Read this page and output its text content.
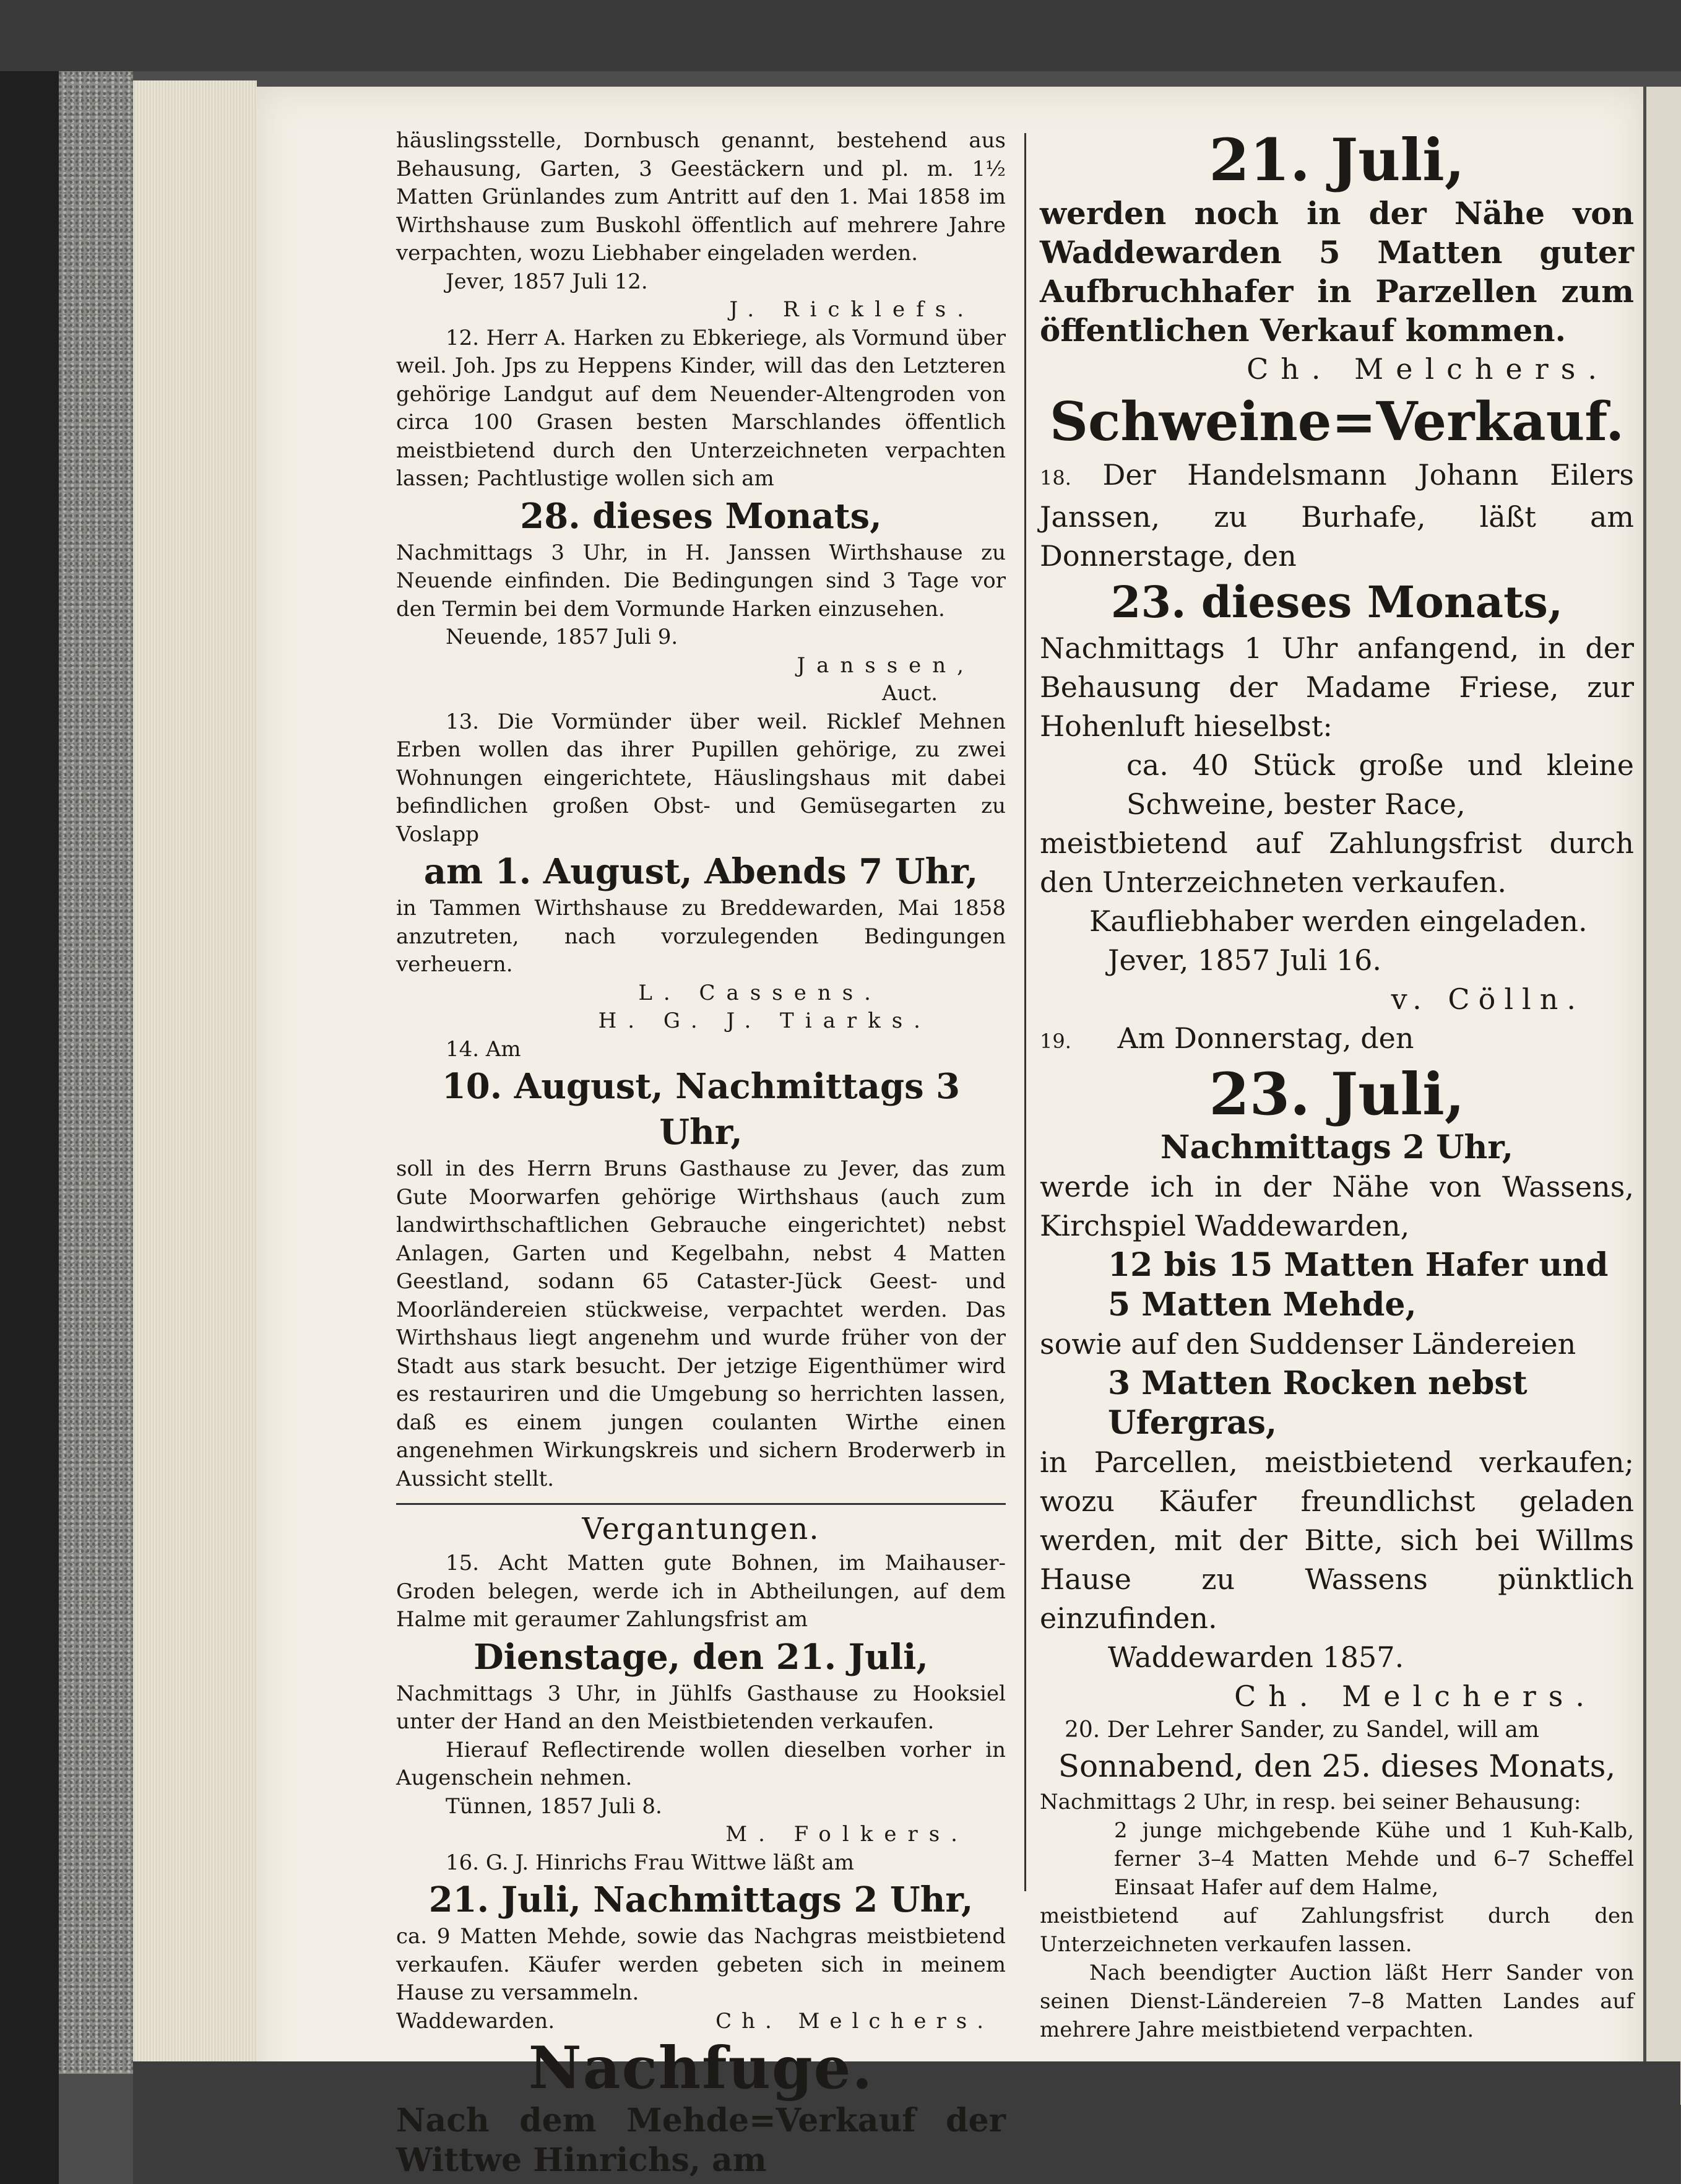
häuslingsstelle, Dornbusch genannt, bestehend aus Behausung, Garten, 3 Geestäckern und pl. m. 1½ Matten Grünlandes zum Antritt auf den 1. Mai 1858 im Wirthshause zum Buskohl öffentlich auf mehrere Jahre verpachten, wozu Liebhaber eingeladen werden.

Jever, 1857 Juli 12.

J. Ricklefs.

12. Herr A. Harken zu Ebkeriege, als Vormund über weil. Joh. Jps zu Heppens Kinder, will das den Letzteren gehörige Landgut auf dem Neuender-Altengroden von circa 100 Grasen besten Marschlandes öffentlich meistbietend durch den Unterzeichneten verpachten lassen; Pachtlustige wollen sich am

28. dieses Monats,

Nachmittags 3 Uhr, in H. Janssen Wirthshause zu Neuende einfinden. Die Bedingungen sind 3 Tage vor den Termin bei dem Vormunde Harken einzusehen.

Neuende, 1857 Juli 9.

Janssen,

Auct.

13. Die Vormünder über weil. Ricklef Mehnen Erben wollen das ihrer Pupillen gehörige, zu zwei Wohnungen eingerichtete, Häuslingshaus mit dabei befindlichen großen Obst- und Gemüsegarten zu Voslapp

am 1. August, Abends 7 Uhr,

in Tammen Wirthshause zu Breddewarden, Mai 1858 anzutreten, nach vorzulegenden Bedingungen verheuern.

L. Cassens.

H. G. J. Tiarks.

14. Am

10. August, Nachmittags 3 Uhr,

soll in des Herrn Bruns Gasthause zu Jever, das zum Gute Moorwarfen gehörige Wirthshaus (auch zum landwirthschaftlichen Gebrauche eingerichtet) nebst Anlagen, Garten und Kegelbahn, nebst 4 Matten Geestland, sodann 65 Cataster-Jück Geest- und Moorländereien stückweise, verpachtet werden. Das Wirthshaus liegt angenehm und wurde früher von der Stadt aus stark besucht. Der jetzige Eigenthümer wird es restauriren und die Umgebung so herrichten lassen, daß es einem jungen coulanten Wirthe einen angenehmen Wirkungskreis und sichern Broderwerb in Aussicht stellt.

Vergantungen.

15. Acht Matten gute Bohnen, im Maihauser-Groden belegen, werde ich in Abtheilungen, auf dem Halme mit geraumer Zahlungsfrist am

Dienstage, den 21. Juli,

Nachmittags 3 Uhr, in Jühlfs Gasthause zu Hooksiel unter der Hand an den Meistbietenden verkaufen.

Hierauf Reflectirende wollen dieselben vorher in Augenschein nehmen.

Tünnen, 1857 Juli 8.

M. Folkers.

16. G. J. Hinrichs Frau Wittwe läßt am

21. Juli, Nachmittags 2 Uhr,

ca. 9 Matten Mehde, sowie das Nachgras meistbietend verkaufen. Käufer werden gebeten sich in meinem Hause zu versammeln.

Waddewarden.	Ch. Melchers.

Nachfuge.

Nach dem Mehde=Verkauf der Wittwe Hinrichs, am

21. Juli,

werden noch in der Nähe von Waddewarden 5 Matten guter Aufbruchhafer in Parzellen zum öffentlichen Verkauf kommen.

Ch. Melchers.

Schweine=Verkauf.

18. Der Handelsmann Johann Eilers Janssen, zu Burhafe, läßt am Donnerstage, den

23. dieses Monats,

Nachmittags 1 Uhr anfangend, in der Behausung der Madame Friese, zur Hohenluft hieselbst:

ca. 40 Stück große und kleine Schweine, bester Race,

meistbietend auf Zahlungsfrist durch den Unterzeichneten verkaufen.

Kaufliebhaber werden eingeladen.

Jever, 1857 Juli 16.

v. Cölln.

19. Am Donnerstag, den

23. Juli,

Nachmittags 2 Uhr,

werde ich in der Nähe von Wassens, Kirchspiel Waddewarden,

12 bis 15 Matten Hafer und

5 Matten Mehde,

sowie auf den Suddenser Ländereien

3 Matten Rocken nebst Ufergras,

in Parcellen, meistbietend verkaufen; wozu Käufer freundlichst geladen werden, mit der Bitte, sich bei Willms Hause zu Wassens pünktlich einzufinden.

Waddewarden 1857.

Ch. Melchers.

20. Der Lehrer Sander, zu Sandel, will am

Sonnabend, den 25. dieses Monats,

Nachmittags 2 Uhr, in resp. bei seiner Behausung:

2 junge michgebende Kühe und 1 Kuh-Kalb, ferner 3–4 Matten Mehde und 6–7 Scheffel Einsaat Hafer auf dem Halme,

meistbietend auf Zahlungsfrist durch den Unterzeichneten verkaufen lassen.

Nach beendigter Auction läßt Herr Sander von seinen Dienst-Ländereien 7–8 Matten Landes auf mehrere Jahre meistbietend verpachten.
